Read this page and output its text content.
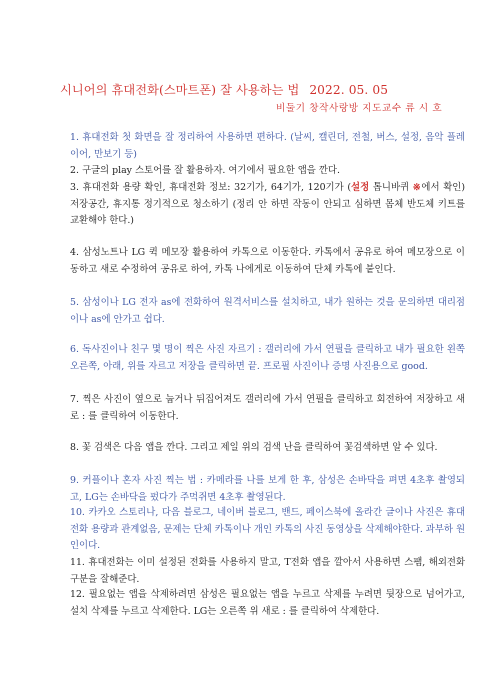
시니어의 휴대전화(스마트폰) 잘 사용하는 법 2022. 05. 05
비둘기 창작사랑방 지도교수 류 시 호
1. 휴대전화 첫 화면을 잘 정리하여 사용하면 편하다. (날씨, 캘린더, 전철, 버스, 설정, 음악 플레이어, 만보기 등)
2. 구글의 play 스토어를 잘 활용하자. 여기에서 필요한 앱을 깐다.
3. 휴대전화 용량 확인, 휴대전화 정보: 32기가, 64기가, 120기가 (설정 톱니바퀴 ※에서 확인) 저장공간, 휴지통 정기적으로 청소하기 (정리 안 하면 작동이 안되고 심하면 몸체 반도체 키트를 교환해야 한다.)
4. 삼성노트나 LG 퀵 메모장 활용하여 카톡으로 이동한다. 카톡에서 공유로 하여 메모장으로 이동하고 새로 수정하여 공유로 하여, 카톡 나에게로 이동하여 단체 카톡에 붙인다.
5. 삼성이나 LG 전자 as에 전화하여 원격서비스를 설치하고, 내가 원하는 것을 문의하면 대리점이나 as에 안가고 쉽다.
6. 독사진이나 친구 몇 명이 찍은 사진 자르기 : 갤러리에 가서 연필을 클릭하고 내가 필요한 왼쪽 오른쪽, 아래, 위를 자르고 저장을 클릭하면 끝. 프로필 사진이나 증명 사진용으로 good.
7. 찍은 사진이 옆으로 눕거나 뒤집어져도 갤러리에 가서 연필을 클릭하고 회전하여 저장하고 새로 : 를 클릭하여 이동한다.
8. 꽃 검색은 다음 앱을 깐다. 그리고 제일 위의 검색 난을 클릭하여 꽃검색하면 알 수 있다.
9. 커플이나 혼자 사진 찍는 법 : 카메라를 나를 보게 한 후, 삼성은 손바닥을 펴면 4초후 촬영되고, LG는 손바닥을 펐다가 주먹쥐면 4초후 촬영된다.
10. 카카오 스토리나, 다음 블로그, 네이버 블로그, 밴드, 페이스북에 올라간 글이나 사진은 휴대전화 용량과 관계없음, 문제는 단체 카톡이나 개인 카톡의 사진 동영상을 삭제해야한다. 과부하 원인이다.
11. 휴대전화는 이미 설정된 전화를 사용하지 말고, T전화 앱을 깔아서 사용하면 스팸, 해외전화 구분을 잘해준다.
12. 필요없는 앱을 삭제하려면 삼성은 필요없는 앱을 누르고 삭제를 누려면 뒷장으로 넘어가고, 설치 삭제를 누르고 삭제한다. LG는 오른쪽 위 새로 : 를 클릭하여 삭제한다.
